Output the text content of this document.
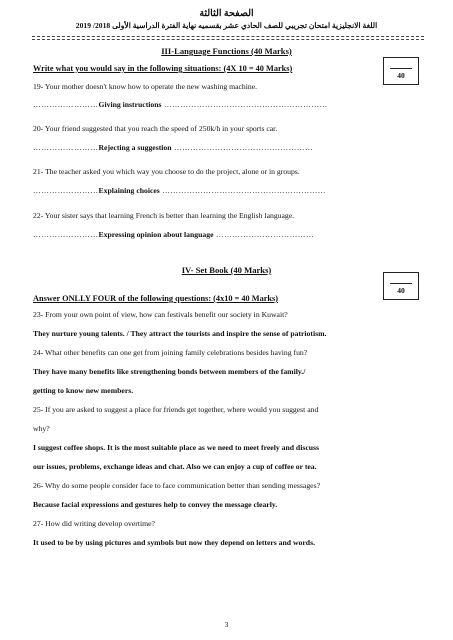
الصفحة الثالثة
اللغة الانجليزية امتحان تجريبي للصف الحادي عشر بقسميه نهاية الفترة الدراسية الأولى 2018/ 2019
III-Language Functions (40 Marks)
Write what you would say in the following situations: (4X 10 = 40 Marks)
40
19- Your mother doesn't know how to operate the new washing machine.
……………………Giving instructions ……………………………………………………
20- Your friend suggested that you reach the speed of 250k/h in your sports car.
……………………Rejecting a suggestion ……………………………………………
21- The teacher asked you which way you choose to do the project, alone or in groups.
……………………Explaining choices ……………………………………………………
22- Your sister says that learning French is better than learning the English language.
……………………Expressing opinion about language ………………………………
IV- Set Book (40 Marks)
40
Answer ONLLY FOUR of the following questions: (4x10 = 40 Marks)
23- From your own point of view, how can festivals benefit our society in Kuwait?
They nurture young talents. / They attract the tourists and inspire the sense of patriotism.
24- What other benefits can one get from joining family celebrations besides having fun?
They have many benefits like strengthening bonds between members of the family./
getting to know new members.
25- If you are asked to suggest a place for friends get together, where would you suggest and
why?
I suggest coffee shops. It is the most suitable place as we need to meet freely and discuss
our issues, problems, exchange ideas and chat. Also we can enjoy a cup of coffee or tea.
26- Why do some people consider face to face communication better than sending messages?
Because facial expressions and gestures help to convey the message clearly.
27- How did writing develop overtime?
It used to be by using pictures and symbols but now they depend on letters and words.
3
